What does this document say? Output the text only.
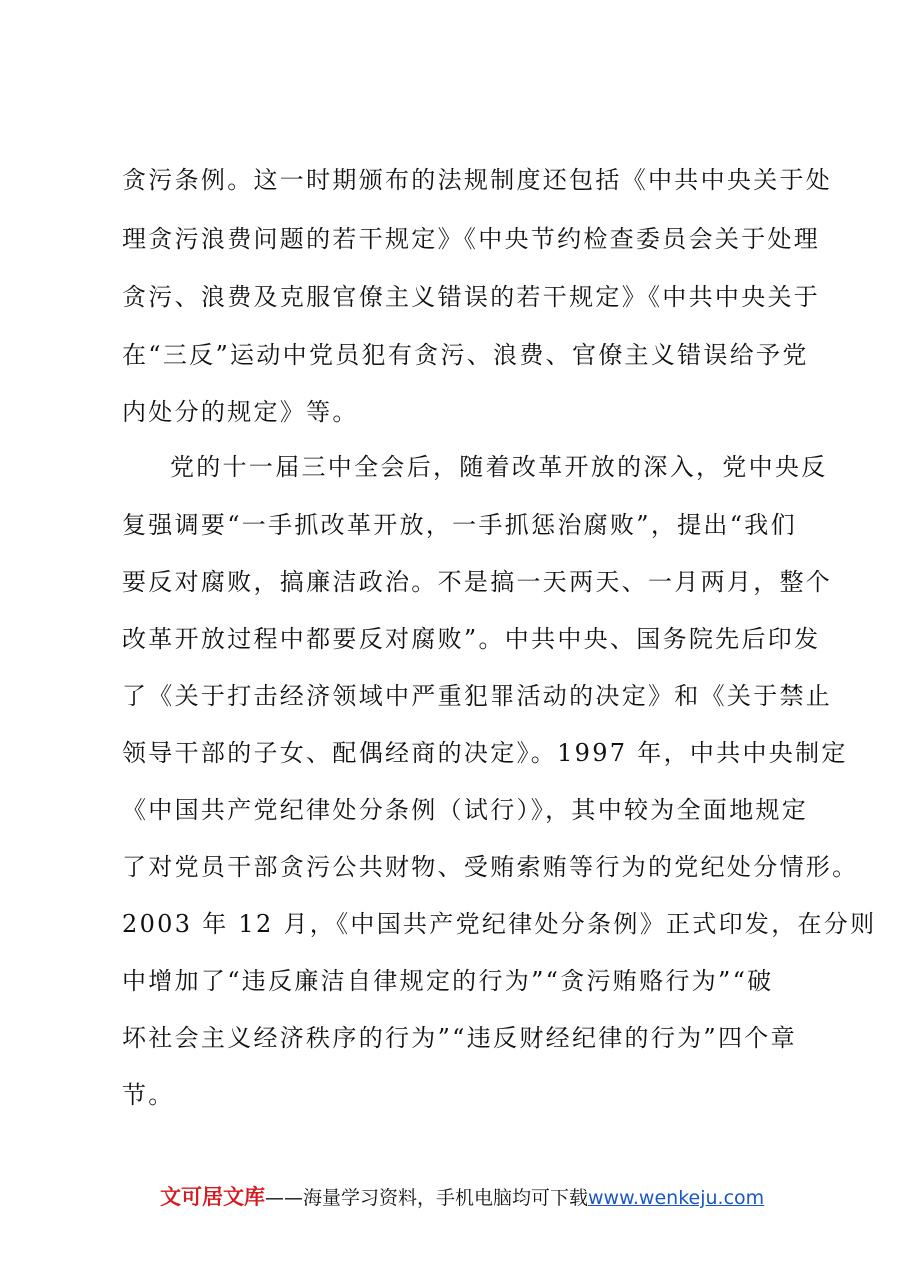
贪污条例。这一时期颁布的法规制度还包括《中共中央关于处
理贪污浪费问题的若干规定》《中央节约检查委员会关于处理
贪污、浪费及克服官僚主义错误的若干规定》《中共中央关于
在“三反”运动中党员犯有贪污、浪费、官僚主义错误给予党
内处分的规定》等。
党的十一届三中全会后，随着改革开放的深入，党中央反
复强调要“一手抓改革开放，一手抓惩治腐败”，提出“我们
要反对腐败，搞廉洁政治。不是搞一天两天、一月两月，整个
改革开放过程中都要反对腐败”。中共中央、国务院先后印发
了《关于打击经济领域中严重犯罪活动的决定》和《关于禁止
领导干部的子女、配偶经商的决定》。1997 年，中共中央制定
《中国共产党纪律处分条例（试行）》，其中较为全面地规定
了对党员干部贪污公共财物、受贿索贿等行为的党纪处分情形。
2003 年 12 月，《中国共产党纪律处分条例》正式印发，在分则
中增加了“违反廉洁自律规定的行为”“贪污贿赂行为”“破
坏社会主义经济秩序的行为”“违反财经纪律的行为”四个章
节。
文可居文库——海量学习资料，手机电脑均可下载www.wenkeju.com
